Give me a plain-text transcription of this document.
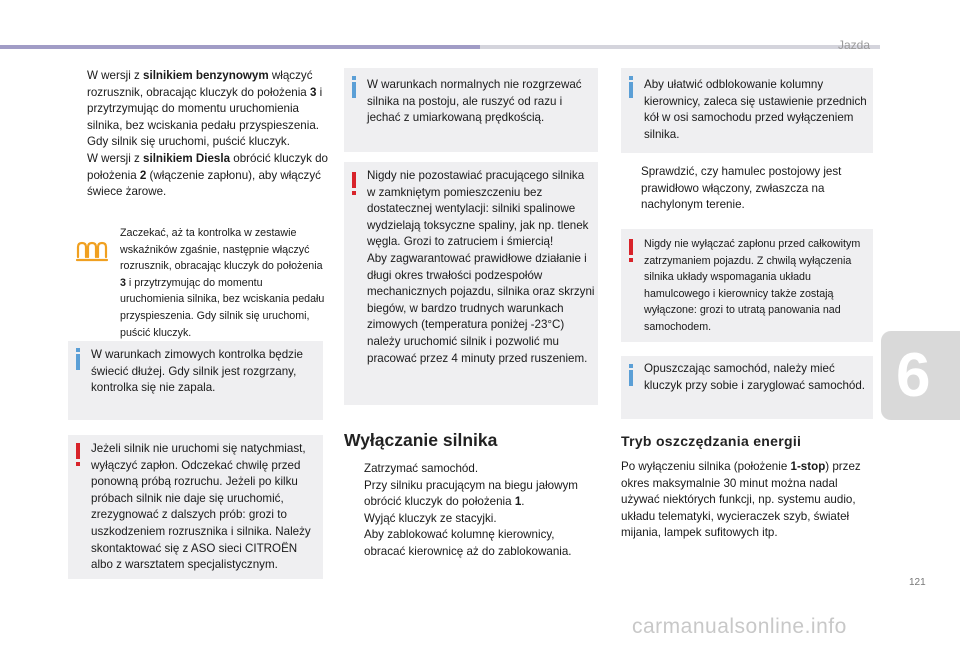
Jazda
6
W wersji z silnikiem benzynowym włączyć rozrusznik, obracając kluczyk do położenia 3 i przytrzymując do momentu uruchomienia silnika, bez wciskania pedału przyspieszenia. Gdy silnik się uruchomi, puścić kluczyk.
W wersji z silnikiem Diesla obrócić kluczyk do położenia 2 (włączenie zapłonu), aby włączyć świece żarowe.
Zaczekać, aż ta kontrolka w zestawie wskaźników zgaśnie, następnie włączyć rozrusznik, obracając kluczyk do położenia 3 i przytrzymując do momentu uruchomienia silnika, bez wciskania pedału przyspieszenia. Gdy silnik się uruchomi, puścić kluczyk.
W warunkach zimowych kontrolka będzie świecić dłużej. Gdy silnik jest rozgrzany, kontrolka się nie zapala.
Jeżeli silnik nie uruchomi się natychmiast, wyłączyć zapłon. Odczekać chwilę przed ponowną próbą rozruchu. Jeżeli po kilku próbach silnik nie daje się uruchomić, zrezygnować z dalszych prób: grozi to uszkodzeniem rozrusznika i silnika. Należy skontaktować się z ASO sieci CITROËN albo z warsztatem specjalistycznym.
W warunkach normalnych nie rozgrzewać silnika na postoju, ale ruszyć od razu i jechać z umiarkowaną prędkością.
Nigdy nie pozostawiać pracującego silnika w zamkniętym pomieszczeniu bez dostatecznej wentylacji: silniki spalinowe wydzielają toksyczne spaliny, jak np. tlenek węgla. Grozi to zatruciem i śmiercią!
Aby zagwarantować prawidłowe działanie i długi okres trwałości podzespołów mechanicznych pojazdu, silnika oraz skrzyni biegów, w bardzo trudnych warunkach zimowych (temperatura poniżej -23°C) należy uruchomić silnik i pozwolić mu pracować przez 4 minuty przed ruszeniem.
Wyłączanie silnika
Zatrzymać samochód.
Przy silniku pracującym na biegu jałowym obrócić kluczyk do położenia 1.
Wyjąć kluczyk ze stacyjki.
Aby zablokować kolumnę kierownicy, obracać kierownicę aż do zablokowania.
Aby ułatwić odblokowanie kolumny kierownicy, zaleca się ustawienie przednich kół w osi samochodu przed wyłączeniem silnika.
Sprawdzić, czy hamulec postojowy jest prawidłowo włączony, zwłaszcza na nachylonym terenie.
Nigdy nie wyłączać zapłonu przed całkowitym zatrzymaniem pojazdu. Z chwilą wyłączenia silnika układy wspomagania układu hamulcowego i kierownicy także zostają wyłączone: grozi to utratą panowania nad samochodem.
Opuszczając samochód, należy mieć kluczyk przy sobie i zaryglować samochód.
Tryb oszczędzania energii
Po wyłączeniu silnika (położenie 1-stop) przez okres maksymalnie 30 minut można nadal używać niektórych funkcji, np. systemu audio, układu telematyki, wycieraczek szyb, świateł mijania, lampek sufitowych itp.
121
carmanualsonline.info
